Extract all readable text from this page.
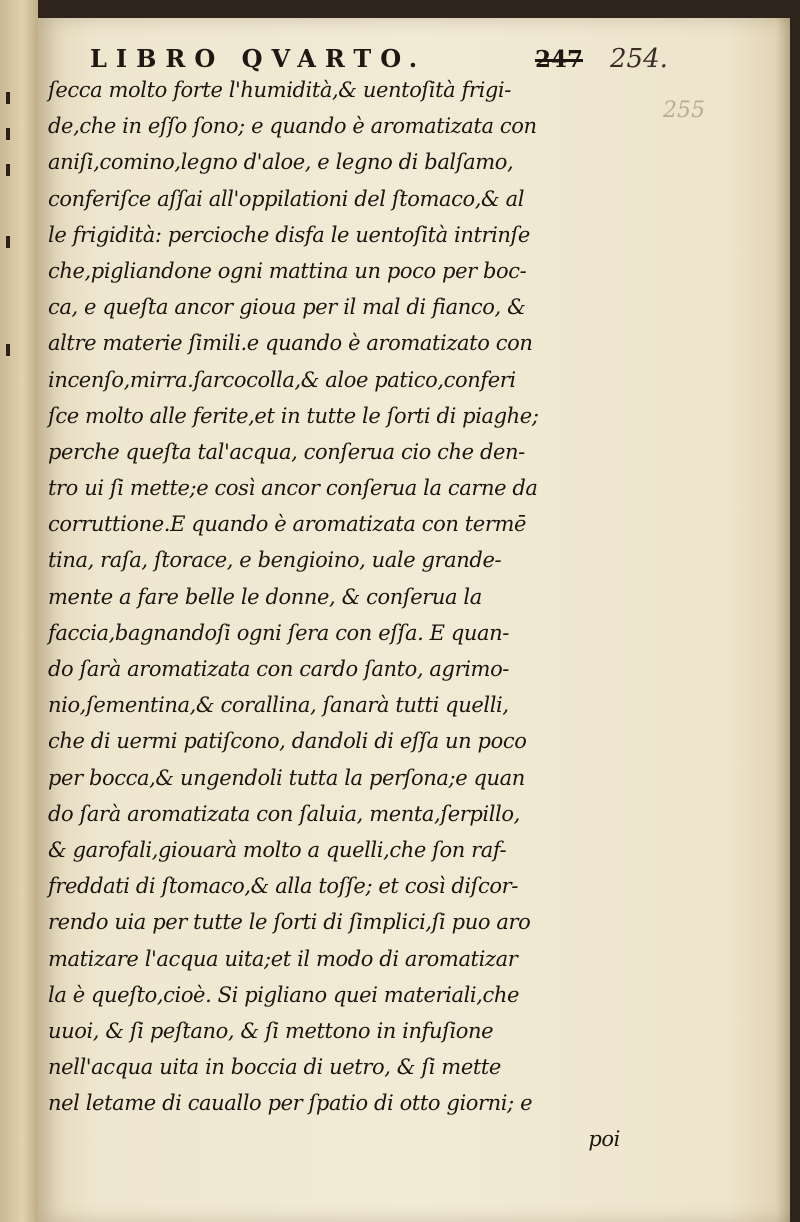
LIBRO QVARTO.	247 254.
255
ſecca molto forte l'humidità,& uentoſità frigi-
de,che in eſſo ſono; e quando è aromatizata con
aniſi,comino,legno d'aloe, e legno di balſamo,
conferiſce aſſai all'oppilationi del ſtomaco,& al
le frigidità: percioche disfa le uentoſità intrinſe
che,pigliandone ogni mattina un poco per boc-
ca, e queſta ancor gioua per il mal di fianco, &
altre materie ſimili.e quando è aromatizato con
incenſo,mirra.ſarcocolla,& aloe patico,conferi
ſce molto alle ferite,et in tutte le ſorti di piaghe;
perche queſta tal'acqua, conſerua cio che den-
tro ui ſi mette;e così ancor conſerua la carne da
corruttione.E quando è aromatizata con termē
tina, raſa, ſtorace, e bengioino, uale grande-
mente a fare belle le donne, & conſerua la
faccia,bagnandoſi ogni ſera con eſſa. E quan-
do ſarà aromatizata con cardo ſanto, agrimo-
nio,ſementina,& corallina, ſanarà tutti quelli,
che di uermi patiſcono, dandoli di eſſa un poco
per bocca,& ungendoli tutta la perſona;e quan
do ſarà aromatizata con ſaluia, menta,ſerpillo,
& garofali,giouarà molto a quelli,che ſon raf-
freddati di ſtomaco,& alla toſſe; et così diſcor-
rendo uia per tutte le ſorti di ſimplici,ſi puo aro
matizare l'acqua uita;et il modo di aromatizar
la è queſto,cioè. Si pigliano quei materiali,che
uuoi, & ſi peſtano, & ſi mettono in infuſione
nell'acqua uita in boccia di uetro, & ſi mette
nel letame di cauallo per ſpatio di otto giorni; e
poi
